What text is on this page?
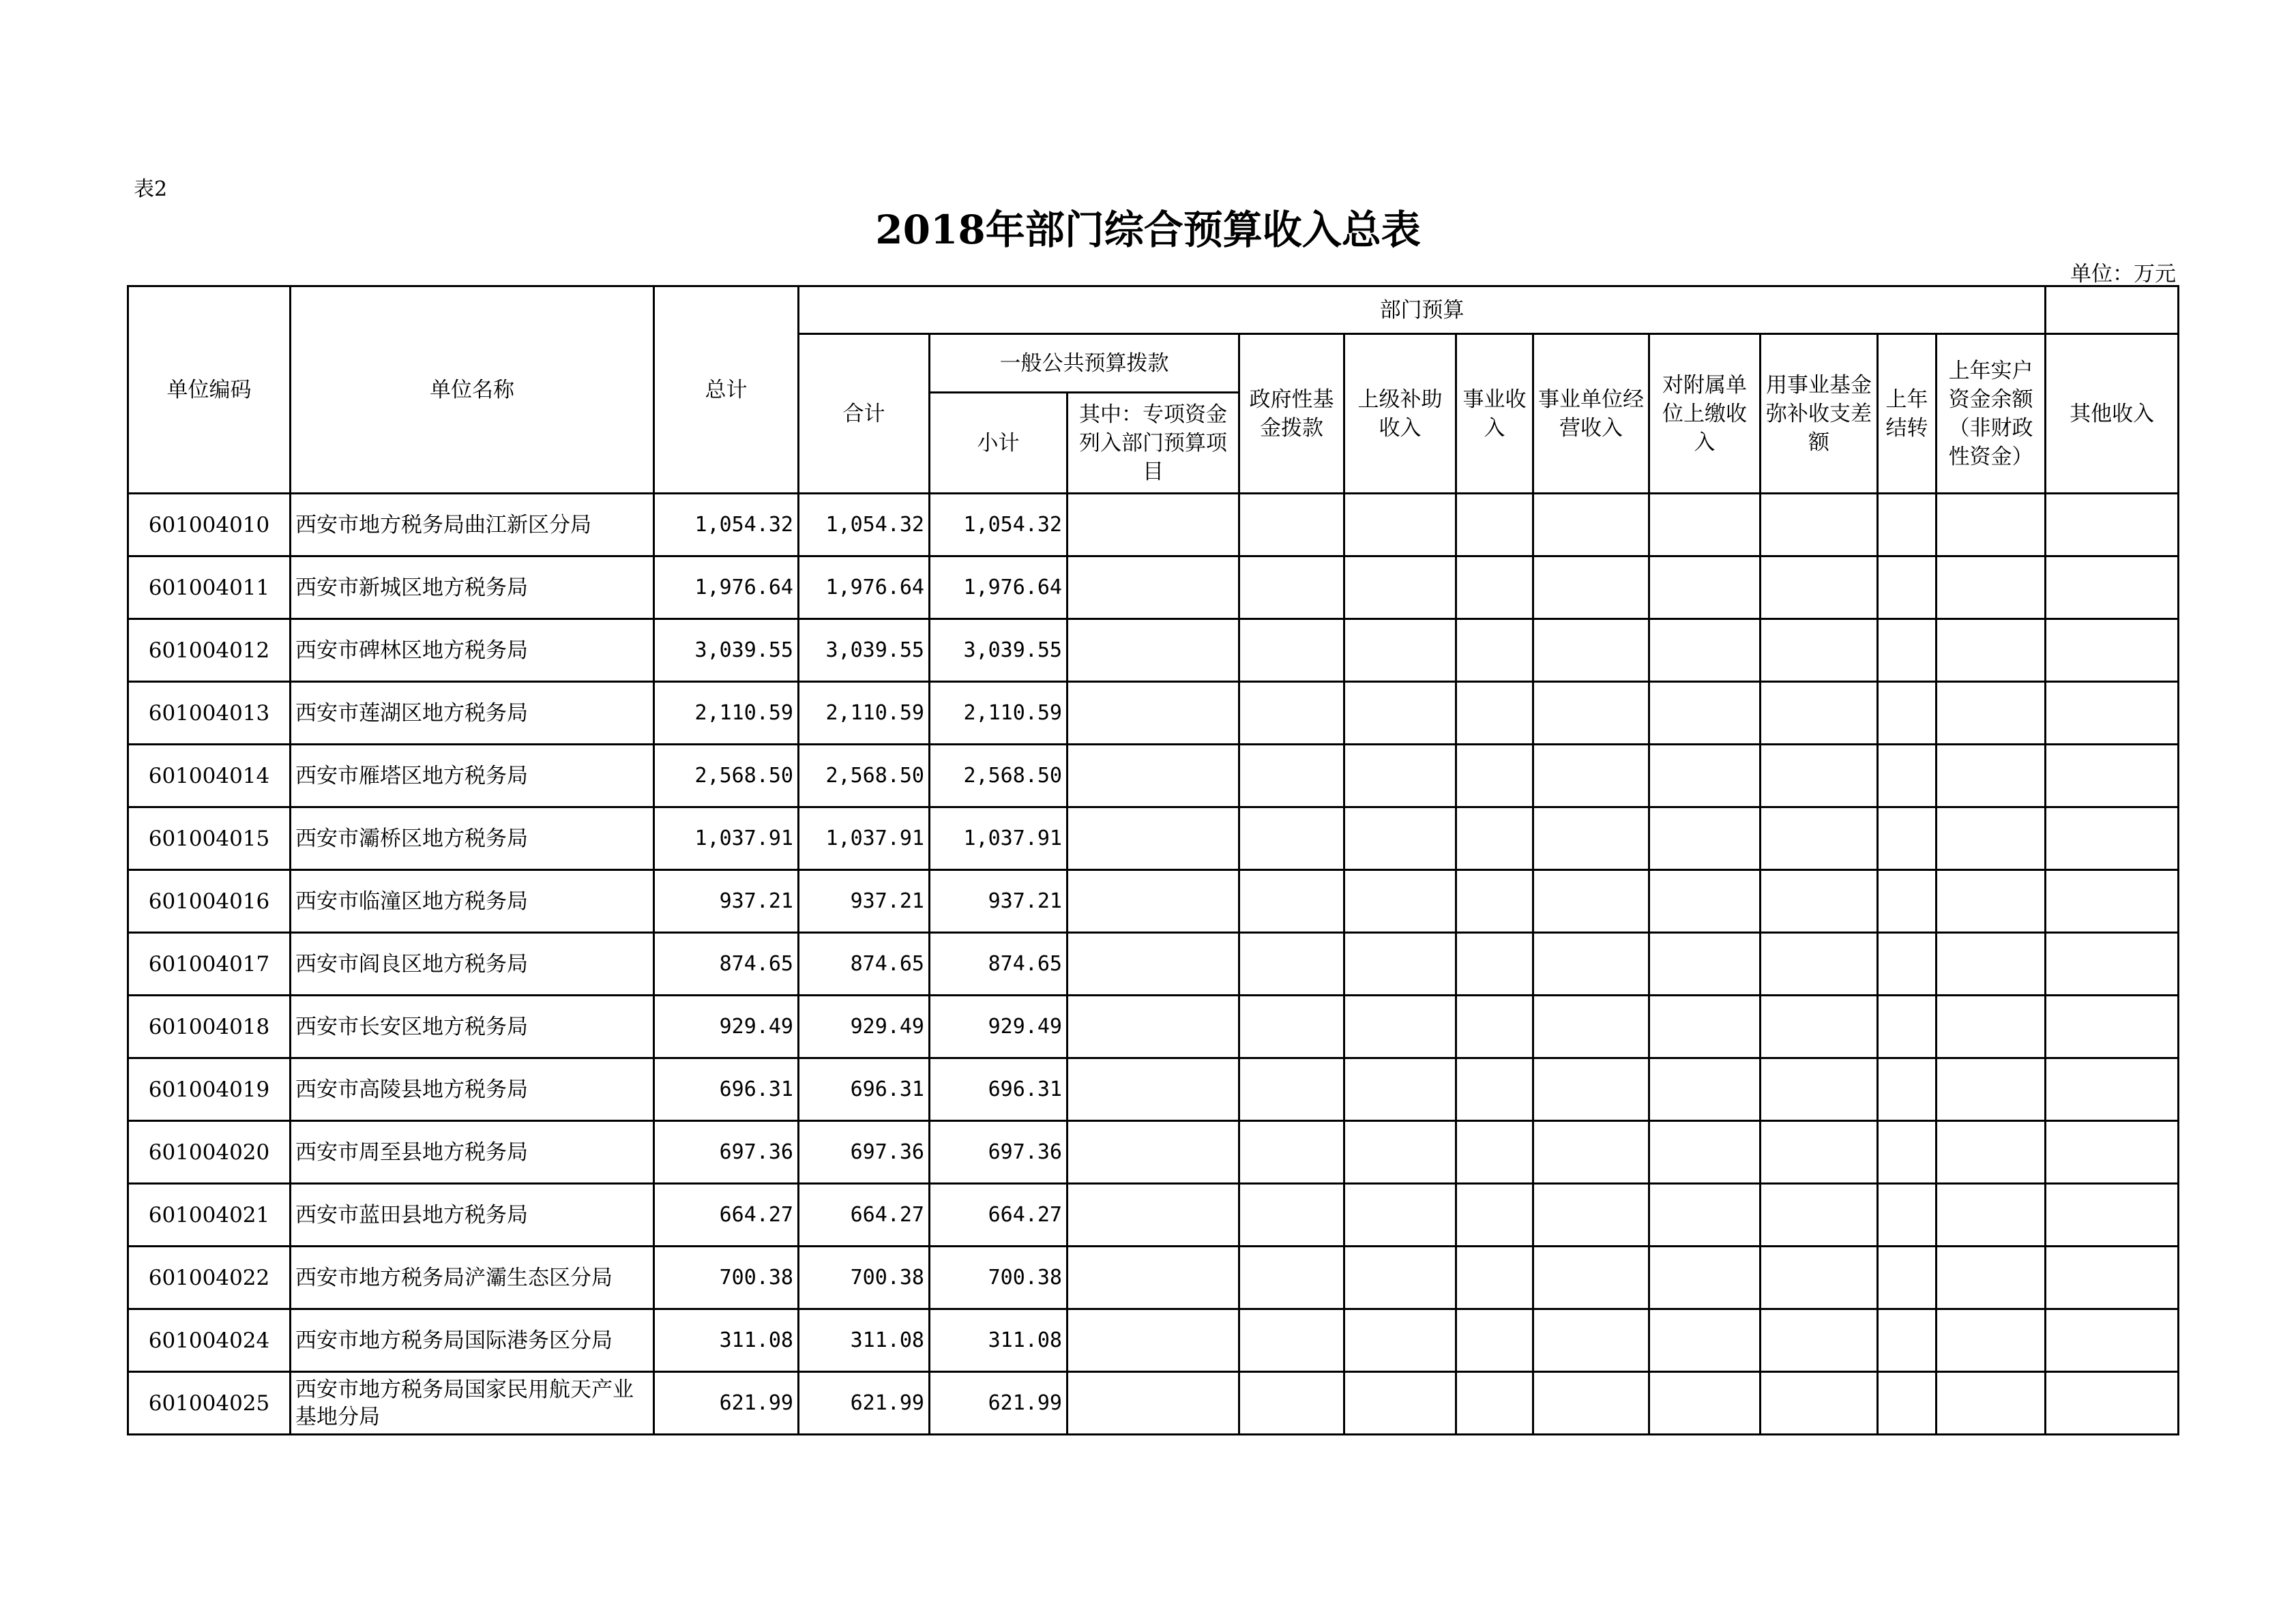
表2
2018年部门综合预算收入总表
单位：万元
单位编码	单位名称	总计	部门预算											
			合计	一般公共预算拨款		政府性基金拨款	上级补助收入	事业收入	事业单位经营收入	对附属单位上缴收入	用事业基金弥补收支差额	上年结转	上年实户资金余额（非财政性资金）	其他收入
				小计	其中：专项资金列入部门预算项目									
601004010	西安市地方税务局曲江新区分局	1,054.32	1,054.32	1,054.32										
601004011	西安市新城区地方税务局	1,976.64	1,976.64	1,976.64										
601004012	西安市碑林区地方税务局	3,039.55	3,039.55	3,039.55										
601004013	西安市莲湖区地方税务局	2,110.59	2,110.59	2,110.59										
601004014	西安市雁塔区地方税务局	2,568.50	2,568.50	2,568.50										
601004015	西安市灞桥区地方税务局	1,037.91	1,037.91	1,037.91										
601004016	西安市临潼区地方税务局	937.21	937.21	937.21										
601004017	西安市阎良区地方税务局	874.65	874.65	874.65										
601004018	西安市长安区地方税务局	929.49	929.49	929.49										
601004019	西安市高陵县地方税务局	696.31	696.31	696.31										
601004020	西安市周至县地方税务局	697.36	697.36	697.36										
601004021	西安市蓝田县地方税务局	664.27	664.27	664.27										
601004022	西安市地方税务局浐灞生态区分局	700.38	700.38	700.38										
601004024	西安市地方税务局国际港务区分局	311.08	311.08	311.08										
601004025	西安市地方税务局国家民用航天产业基地分局	621.99	621.99	621.99										
